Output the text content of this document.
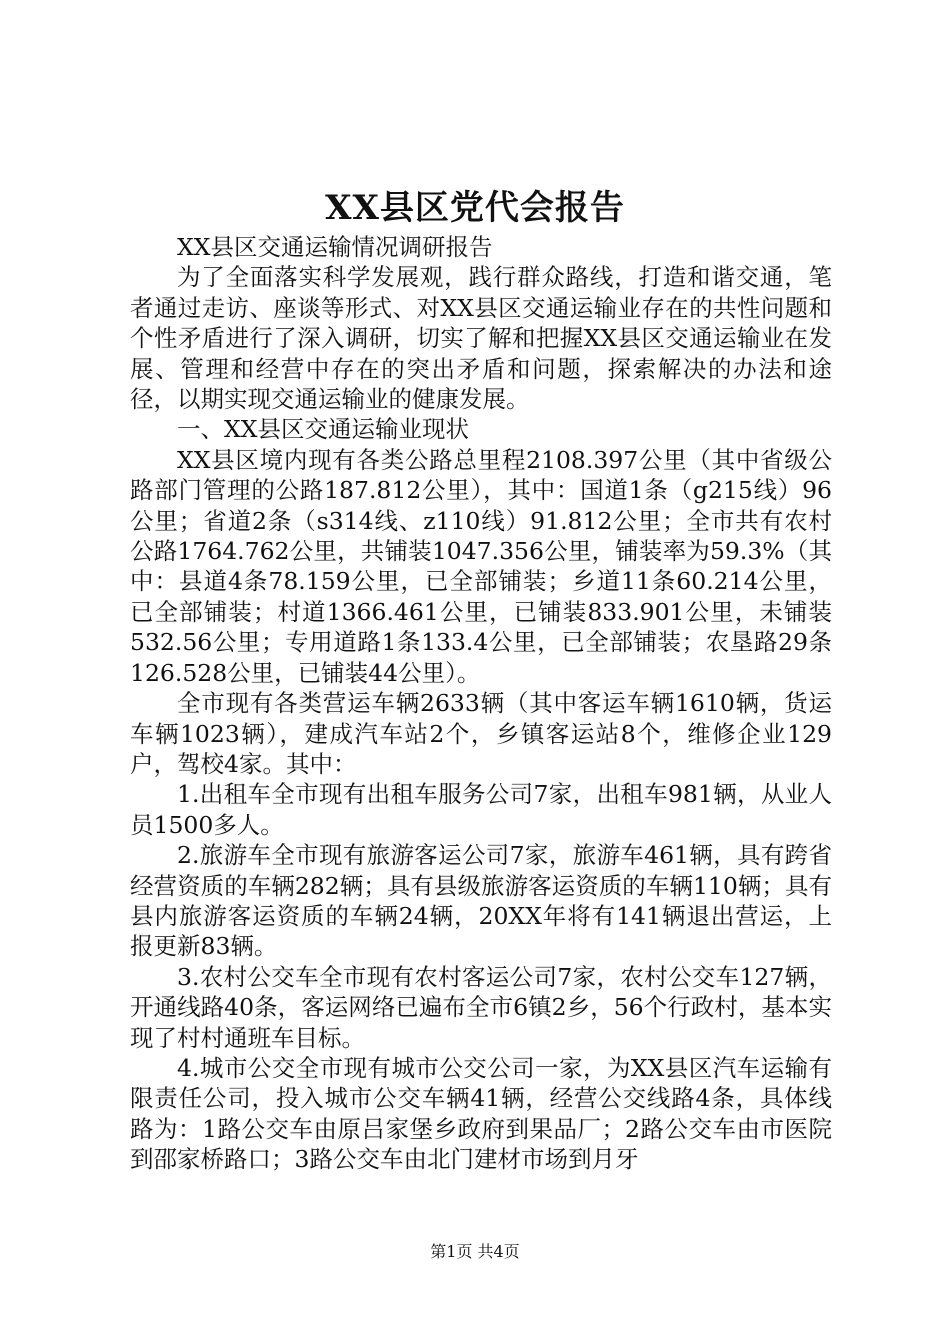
XX县区党代会报告

XX县区交通运输情况调研报告

为了全面落实科学发展观，践行群众路线，打造和谐交通，笔者通过走访、座谈等形式、对XX县区交通运输业存在的共性问题和个性矛盾进行了深入调研，切实了解和把握XX县区交通运输业在发展、管理和经营中存在的突出矛盾和问题，探索解决的办法和途径，以期实现交通运输业的健康发展。

一、XX县区交通运输业现状

XX县区境内现有各类公路总里程2108.397公里（其中省级公路部门管理的公路187.812公里），其中：国道1条（g215线）96公里；省道2条（s314线、z110线）91.812公里；全市共有农村公路1764.762公里，共铺装1047.356公里，铺装率为59.3%（其中：县道4条78.159公里，已全部铺装；乡道11条60.214公里，已全部铺装；村道1366.461公里，已铺装833.901公里，未铺装532.56公里；专用道路1条133.4公里，已全部铺装；农垦路29条126.528公里，已铺装44公里）。

全市现有各类营运车辆2633辆（其中客运车辆1610辆，货运车辆1023辆），建成汽车站2个，乡镇客运站8个，维修企业129户，驾校4家。其中：

1.出租车全市现有出租车服务公司7家，出租车981辆，从业人员1500多人。

2.旅游车全市现有旅游客运公司7家，旅游车461辆，具有跨省经营资质的车辆282辆；具有县级旅游客运资质的车辆110辆；具有县内旅游客运资质的车辆24辆，20XX年将有141辆退出营运，上报更新83辆。

3.农村公交车全市现有农村客运公司7家，农村公交车127辆，开通线路40条，客运网络已遍布全市6镇2乡，56个行政村，基本实现了村村通班车目标。

4.城市公交全市现有城市公交公司一家，为XX县区汽车运输有限责任公司，投入城市公交车辆41辆，经营公交线路4条，具体线路为：1路公交车由原吕家堡乡政府到果品厂；2路公交车由市医院到邵家桥路口；3路公交车由北门建材市场到月牙

第1页 共4页
